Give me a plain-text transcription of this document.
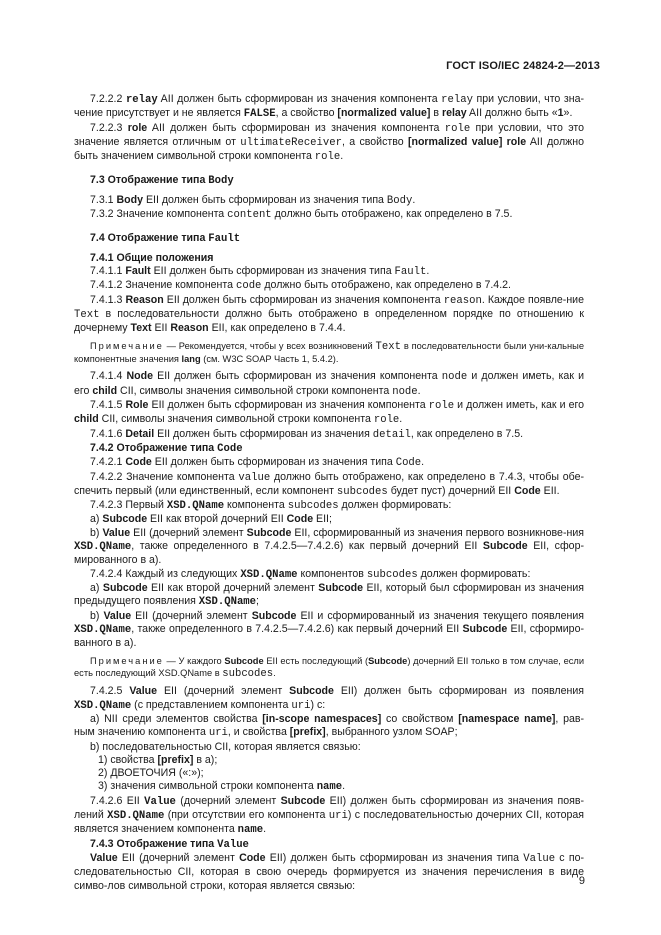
ГОСТ ISO/IEC 24824-2—2013

7.2.2.2 relay AII должен быть сформирован из значения компонента relay при условии, что зна-чение присутствует и не является FALSE, а свойство [normalized value] в relay AII должно быть «1».

7.2.2.3 role AII должен быть сформирован из значения компонента role при условии, что это значение является отличным от ultimateReceiver, а свойство [normalized value] role AII должно быть значением символьной строки компонента role.

7.3 Отображение типа Body

7.3.1 Body EII должен быть сформирован из значения типа Body.

7.3.2 Значение компонента content должно быть отображено, как определено в 7.5.

7.4 Отображение типа Fault

7.4.1 Общие положения

7.4.1.1 Fault EII должен быть сформирован из значения типа Fault.

7.4.1.2 Значение компонента code должно быть отображено, как определено в 7.4.2.

7.4.1.3 Reason EII должен быть сформирован из значения компонента reason. Каждое появле-ние Text в последовательности должно быть отображено в определенном порядке по отношению к дочернему Text EII Reason EII, как определено в 7.4.4.

Примечание — Рекомендуется, чтобы у всех возникновений Text в последовательности были уни-кальные компонентные значения lang (см. W3C SOAP Часть 1, 5.4.2).

7.4.1.4 Node EII должен быть сформирован из значения компонента node и должен иметь, как и его child CII, символы значения символьной строки компонента node.

7.4.1.5 Role EII должен быть сформирован из значения компонента role и должен иметь, как и его child CII, символы значения символьной строки компонента role.

7.4.1.6 Detail EII должен быть сформирован из значения detail, как определено в 7.5.

7.4.2 Отображение типа Code

7.4.2.1 Code EII должен быть сформирован из значения типа Code.

7.4.2.2 Значение компонента value должно быть отображено, как определено в 7.4.3, чтобы обе-спечить первый (или единственный, если компонент subcodes будет пуст) дочерний EII Code EII.

7.4.2.3 Первый XSD.QName компонента subcodes должен формировать:

a) Subcode EII как второй дочерний EII Code EII;

b) Value EII (дочерний элемент Subcode EII, сформированный из значения первого возникнове-ния XSD.QName, также определенного в 7.4.2.5—7.4.2.6) как первый дочерний EII Subcode EII, сфор-мированного в а).

7.4.2.4 Каждый из следующих XSD.QName компонентов subcodes должен формировать:

a) Subcode EII как второй дочерний элемент Subcode EII, который был сформирован из значения предыдущего появления XSD.QName;

b) Value EII (дочерний элемент Subcode EII и сформированный из значения текущего появления XSD.QName, также определенного в 7.4.2.5—7.4.2.6) как первый дочерний EII Subcode EII, сформиро-ванного в а).

Примечание — У каждого Subcode EII есть последующий (Subcode) дочерний EII только в том случае, если есть последующий XSD.QName в subcodes.

7.4.2.5 Value EII (дочерний элемент Subcode EII) должен быть сформирован из появления XSD.QName (с представлением компонента uri) с:

a) NII среди элементов свойства [in-scope namespaces] со свойством [namespace name], рав-ным значению компонента uri, и свойства [prefix], выбранного узлом SOAP;

b) последовательностью CII, которая является связью:

1) свойства [prefix] в а);

2) ДВОЕТОЧИЯ («:»);

3) значения символьной строки компонента name.

7.4.2.6 EII Value (дочерний элемент Subcode EII) должен быть сформирован из значения появ-лений XSD.QName (при отсутствии его компонента uri) с последовательностью дочерних CII, которая является значением компонента name.

7.4.3 Отображение типа Value

Value EII (дочерний элемент Code EII) должен быть сформирован из значения типа Value с по-следовательностью CII, которая в свою очередь формируется из значения перечисления в виде симво-лов символьной строки, которая является связью:	9
